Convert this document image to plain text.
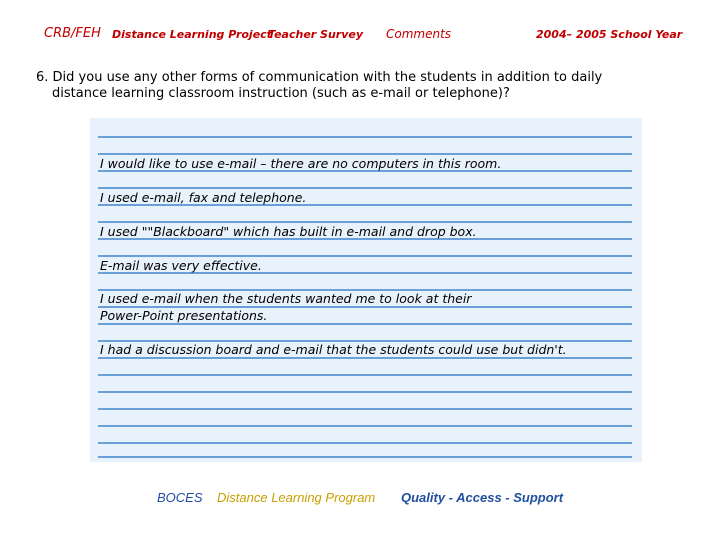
CRB/FEH Distance Learning Project
Teacher Survey Comments	2004– 2005 School Year
6. Did you use any other forms of communication with the students in addition to daily
distance learning classroom instruction (such as e-mail or telephone)?
I would like to use e-mail – there are no computers in this room.
I used e-mail, fax and telephone.
I used ""Blackboard" which has built in e-mail and drop box.
E-mail was very effective.
I used e-mail when the students wanted me to look at their
Power-Point presentations.
I had a discussion board and e-mail that the students could use but didn't.
BOCES Distance Learning Program Quality - Access - Support
